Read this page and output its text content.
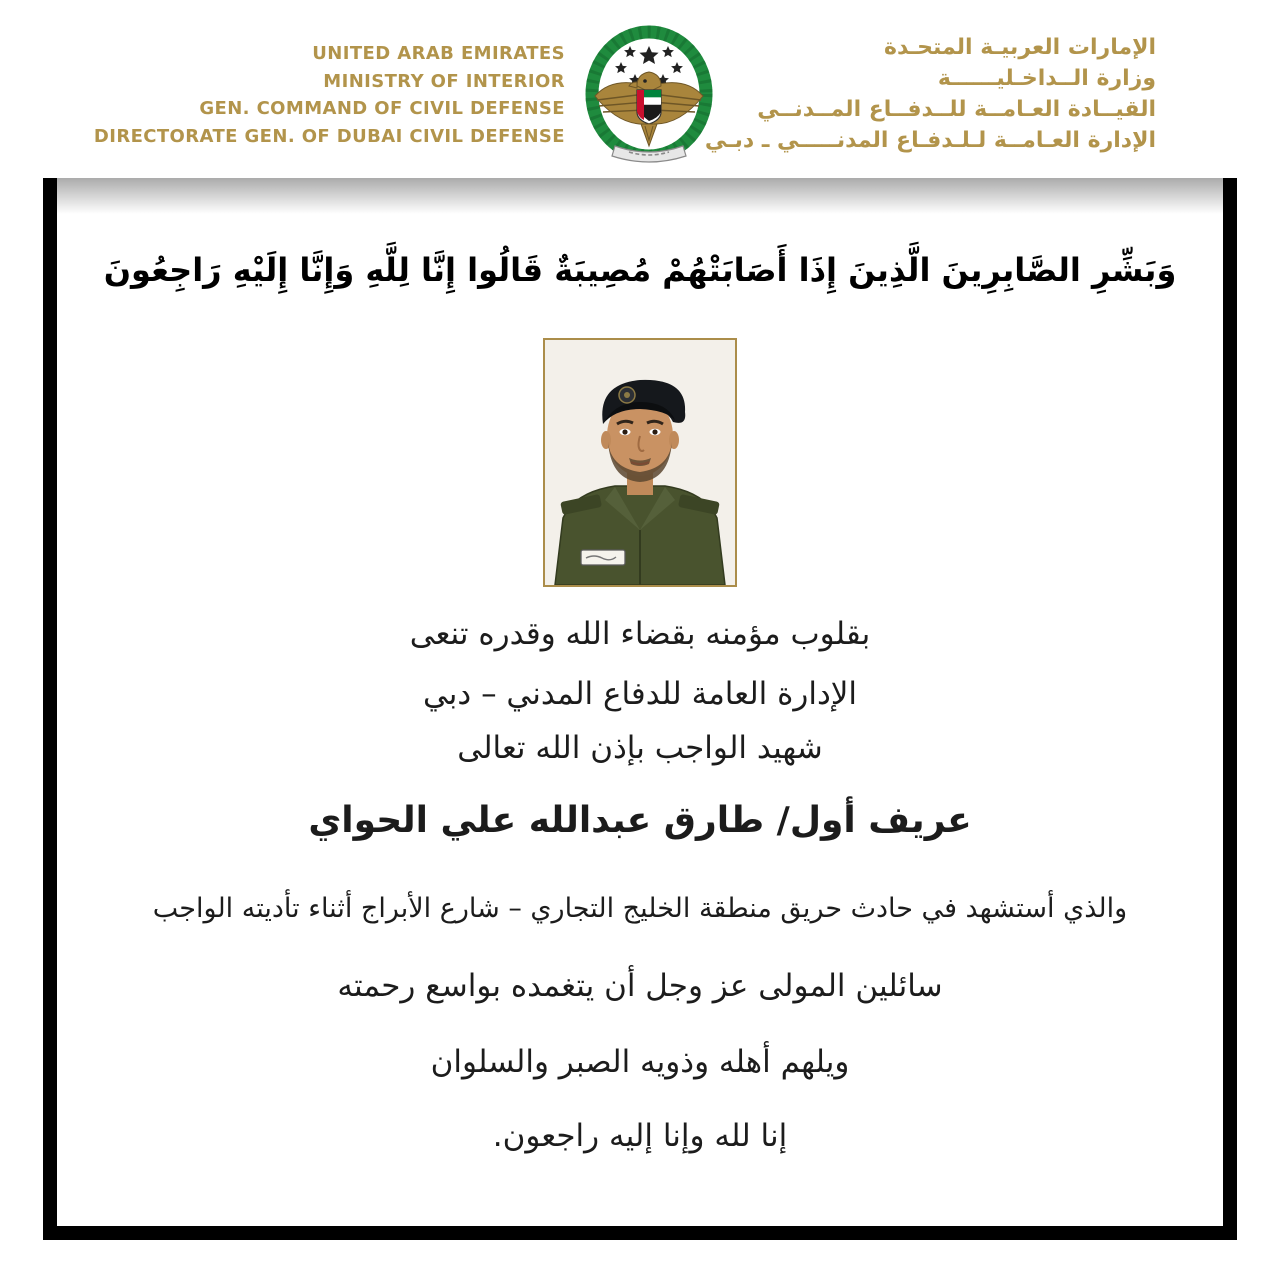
UNITED ARAB EMIRATES
MINISTRY OF INTERIOR
GEN. COMMAND OF CIVIL DEFENSE
DIRECTORATE GEN. OF DUBAI CIVIL DEFENSE
الإمارات العربيـة المتحـدة
وزارة الــداخـليــــــة
القيــادة العـامــة للــدفــاع المــدنــي
الإدارة العـامــة لـلـدفـاع المدنـــــي ـ دبـي
وَبَشِّرِ الصَّابِرِينَ الَّذِينَ إِذَا أَصَابَتْهُمْ مُصِيبَةٌ قَالُوا إِنَّا لِلَّهِ وَإِنَّا إِلَيْهِ رَاجِعُونَ
بقلوب مؤمنه بقضاء الله وقدره تنعى
الإدارة العامة للدفاع المدني – دبي
شهيد الواجب بإذن الله تعالى
عريف أول/ طارق عبدالله علي الحواي
والذي أستشهد في حادث حريق منطقة الخليج التجاري – شارع الأبراج أثناء تأديته الواجب
سائلين المولى عز وجل أن يتغمده بواسع رحمته
ويلهم أهله وذويه الصبر والسلوان
إنا لله وإنا إليه راجعون.
